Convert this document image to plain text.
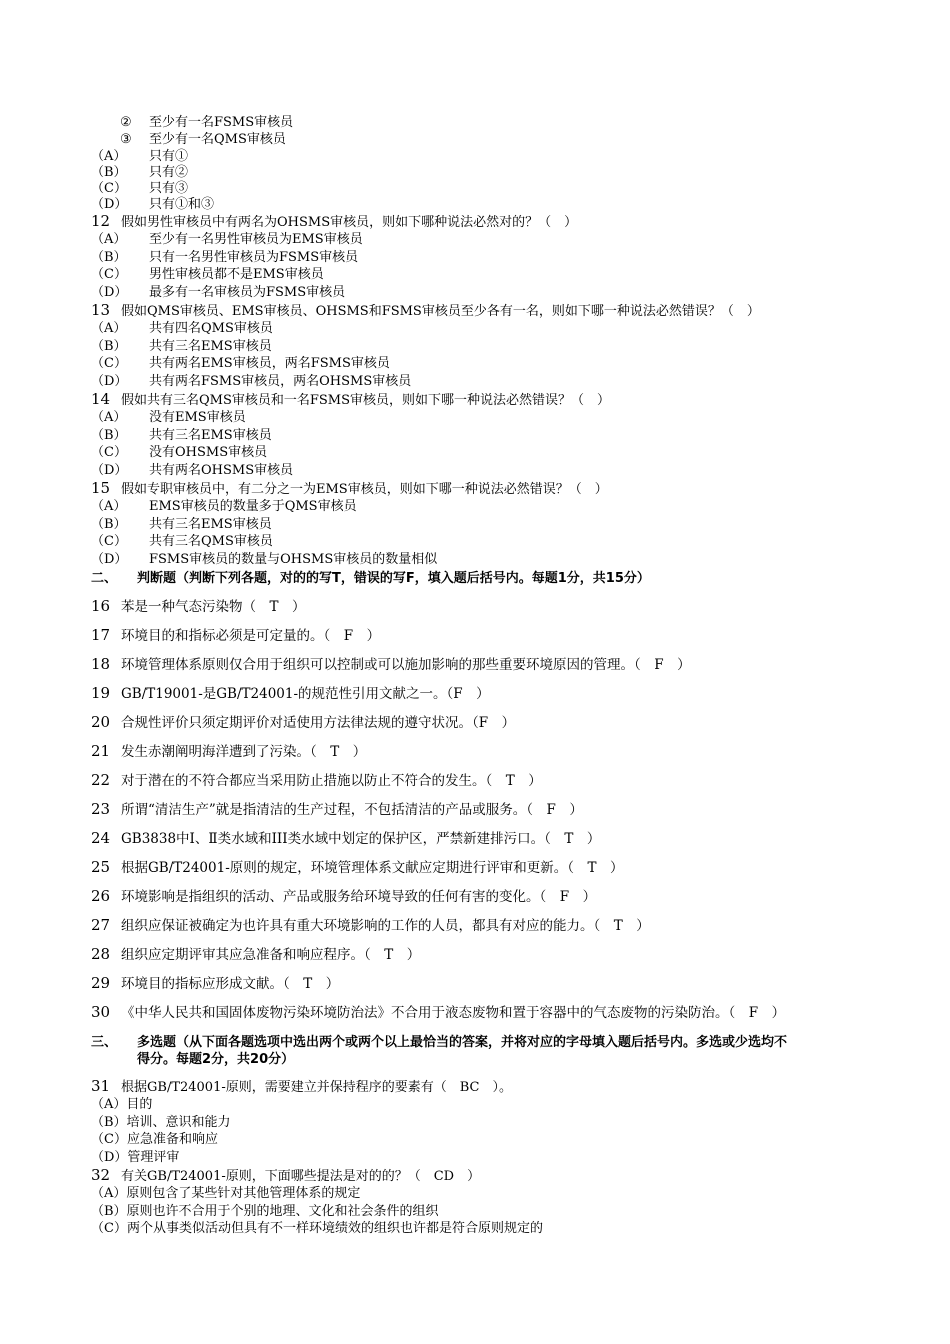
② 至少有一名FSMS审核员
③ 至少有一名QMS审核员
（A） 只有①
（B） 只有②
（C） 只有③
（D） 只有①和③
12 假如男性审核员中有两名为OHSMS审核员，则如下哪种说法必然对的？（　）
（A） 至少有一名男性审核员为EMS审核员
（B） 只有一名男性审核员为FSMS审核员
（C） 男性审核员都不是EMS审核员
（D） 最多有一名审核员为FSMS审核员
13 假如QMS审核员、EMS审核员、OHSMS和FSMS审核员至少各有一名，则如下哪一种说法必然错误？（　）
（A） 共有四名QMS审核员
（B） 共有三名EMS审核员
（C） 共有两名EMS审核员，两名FSMS审核员
（D） 共有两名FSMS审核员，两名OHSMS审核员
14 假如共有三名QMS审核员和一名FSMS审核员，则如下哪一种说法必然错误？（　）
（A） 没有EMS审核员
（B） 共有三名EMS审核员
（C） 没有OHSMS审核员
（D） 共有两名OHSMS审核员
15 假如专职审核员中，有二分之一为EMS审核员，则如下哪一种说法必然错误？（　）
（A） EMS审核员的数量多于QMS审核员
（B） 共有三名EMS审核员
（C） 共有三名QMS审核员
（D） FSMS审核员的数量与OHSMS审核员的数量相似
二、 判断题（判断下列各题，对的的写T，错误的写F，填入题后括号内。每题1分，共15分）
16 苯是一种气态污染物（　T　）
17 环境目的和指标必须是可定量的。（　F　）
18 环境管理体系原则仅合用于组织可以控制或可以施加影响的那些重要环境原因的管理。（　F　）
19 GB/T19001-是GB/T24001-的规范性引用文献之一。（F　）
20 合规性评价只须定期评价对适使用方法律法规的遵守状况。（F　）
21 发生赤潮阐明海洋遭到了污染。（　T　）
22 对于潜在的不符合都应当采用防止措施以防止不符合的发生。（　T　）
23 所谓“清洁生产”就是指清洁的生产过程，不包括清洁的产品或服务。（　F　）
24 GB3838中Ⅰ、Ⅱ类水域和III类水域中划定的保护区，严禁新建排污口。（　T　）
25 根据GB/T24001-原则的规定，环境管理体系文献应定期进行评审和更新。（　T　）
26 环境影响是指组织的活动、产品或服务给环境导致的任何有害的变化。（　F　）
27 组织应保证被确定为也许具有重大环境影响的工作的人员，都具有对应的能力。（　T　）
28 组织应定期评审其应急准备和响应程序。（　T　）
29 环境目的指标应形成文献。（　T　）
30 《中华人民共和国固体废物污染环境防治法》不合用于液态废物和置于容器中的气态废物的污染防治。（　F　）
三、 多选题（从下面各题选项中选出两个或两个以上最恰当的答案，并将对应的字母填入题后括号内。多选或少选均不
得分。每题2分，共20分）
31 根据GB/T24001-原则，需要建立并保持程序的要素有（　BC　）。
（A）目的
（B）培训、意识和能力
（C）应急准备和响应
（D）管理评审
32 有关GB/T24001-原则，下面哪些提法是对的的？（　CD　）
（A）原则包含了某些针对其他管理体系的规定
（B）原则也许不合用于个别的地理、文化和社会条件的组织
（C）两个从事类似活动但具有不一样环境绩效的组织也许都是符合原则规定的
